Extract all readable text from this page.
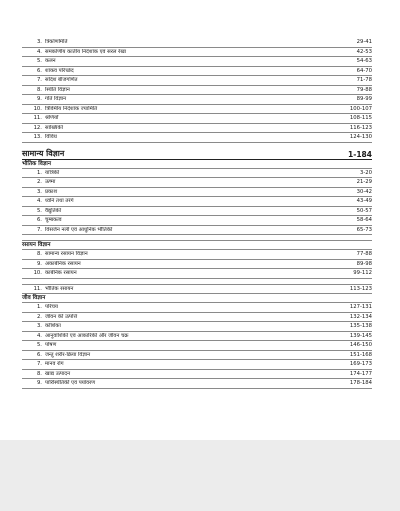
3. त्रिकोणमिति	29-41
4. समकोणीय कार्तीय निर्देशांक एवं सरल रेखा	42-53
5. कलन	54-63
6. शांकव परिच्छेद	64-70
7. सदिश बीजगणित	71-78
8. स्थिति विज्ञान	79-88
9. गति विज्ञान	89-99
10. त्रिविमीय निर्देशांक ज्यामिति	100-107
11. श्रेणियाँ	108-115
12. सांख्यिकी	116-123
13. विविध	124-130
सामान्य विज्ञान	1-184
भौतिक विज्ञान
1. यांत्रिकी	3-20
2. ऊष्मा	21-29
3. प्रकाश	30-42
4. ध्वनि तथा तरंगें	43-49
5. वैद्युतिकी	50-57
6. चुम्बकत्व	58-64
7. विसर्जन नली एवं आधुनिक भौतिकी	65-73
रसायन विज्ञान
8. सामान्य रसायन विज्ञान	77-88
9. अकार्बनिक रसायन	89-98
10. कार्बनिक रसायन	99-112
11. भौतिक रसायन	113-123
जीव विज्ञान
1. परिचय	127-131
2. जीवन की उत्पत्ति	132-134
3. कोशिका	135-138
4. आनुवांशिकी एवं आकारिकी और जीवन चक्र	139-145
5. पोषण	146-150
6. जन्तु शरीर-क्रिया विज्ञान	151-168
7. मानव रोग	169-173
8. खाद्य उत्पादन	174-177
9. पारिस्थितिकी एवं पर्यावरण	178-184
